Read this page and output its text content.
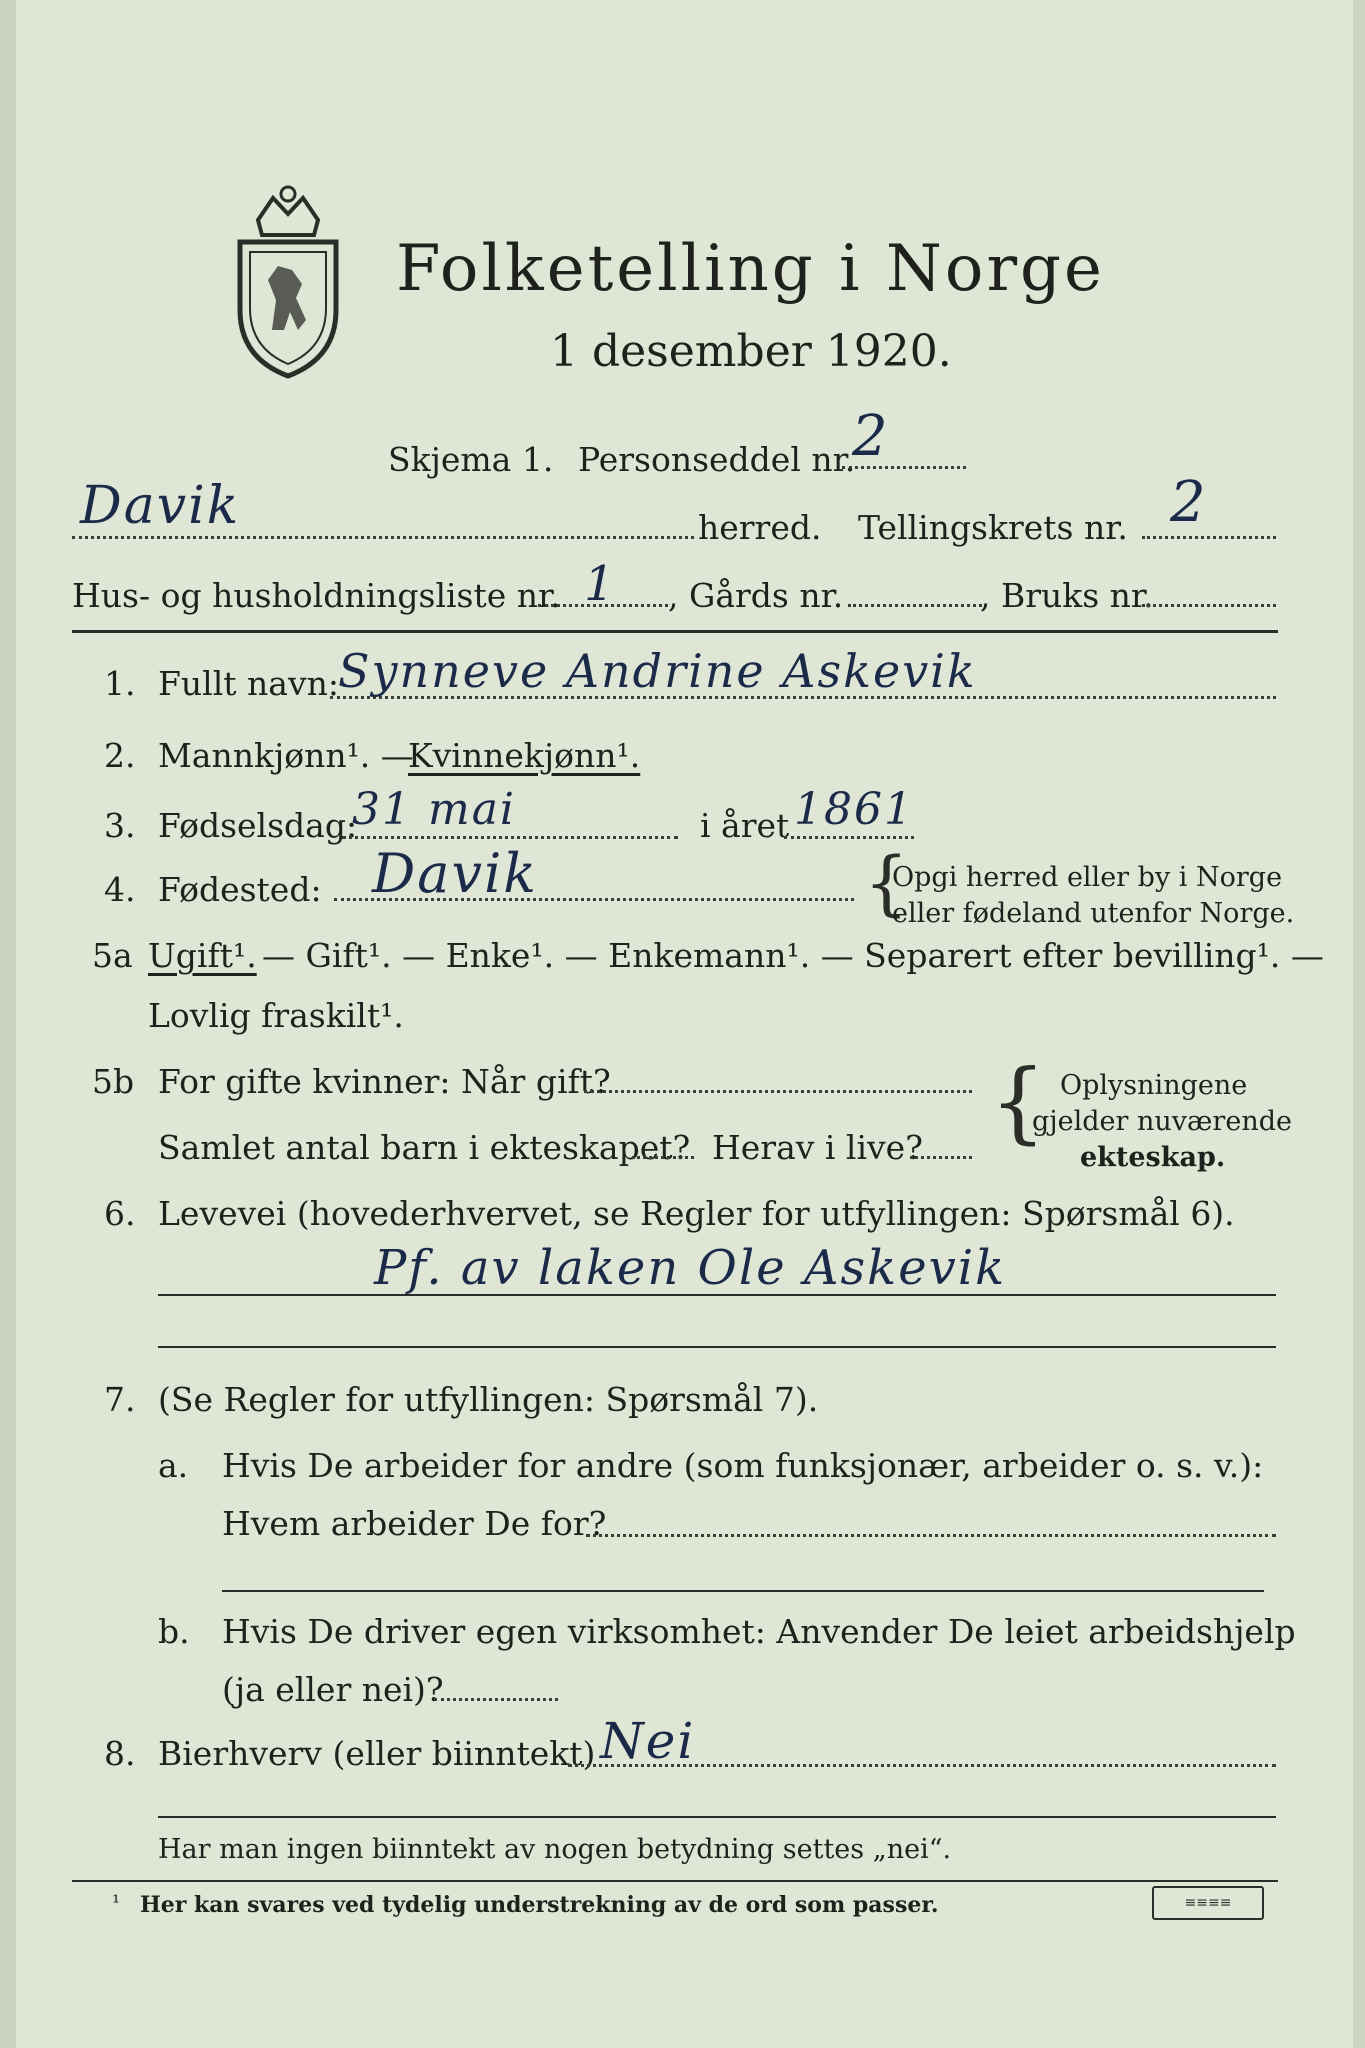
Folketelling i Norge
1 desember 1920.
Skjema 1. Personseddel nr.
2
Davik	herred. Tellingskrets nr. 2
Hus- og husholdningsliste nr. 1 , Gårds nr.	, Bruks nr.
1. Fullt navn: Synneve Andrine Askevik
2. Mannkjønn¹. —
Kvinnekjønn¹.
3. Fødselsdag:
31 mai	i året 1861
4. Fødested: Davik	{
Opgi herred eller by i Norge
eller fødeland utenfor Norge.
5a Ugift¹. — Gift¹. — Enke¹. — Enkemann¹. — Separert efter bevilling¹. —
Lovlig fraskilt¹.
5b For gifte kvinner: Når gift?
Samlet antal barn i ekteskapet? Herav i live? { Oplysningene
gjelder nuværende
ekteskap.
6. Levevei (hovederhvervet, se Regler for utfyllingen: Spørsmål 6).
Pf. av laken Ole Askevik
7. (Se Regler for utfyllingen: Spørsmål 7).
a. Hvis De arbeider for andre (som funksjonær, arbeider o. s. v.):
Hvem arbeider De for?
b. Hvis De driver egen virksomhet: Anvender De leiet arbeidshjelp
(ja eller nei)?
8. Bierhverv (eller biinntekt) Nei
Har man ingen biinntekt av nogen betydning settes „nei“.
¹ Her kan svares ved tydelig understrekning av de ord som passer.	≡≡≡≡
